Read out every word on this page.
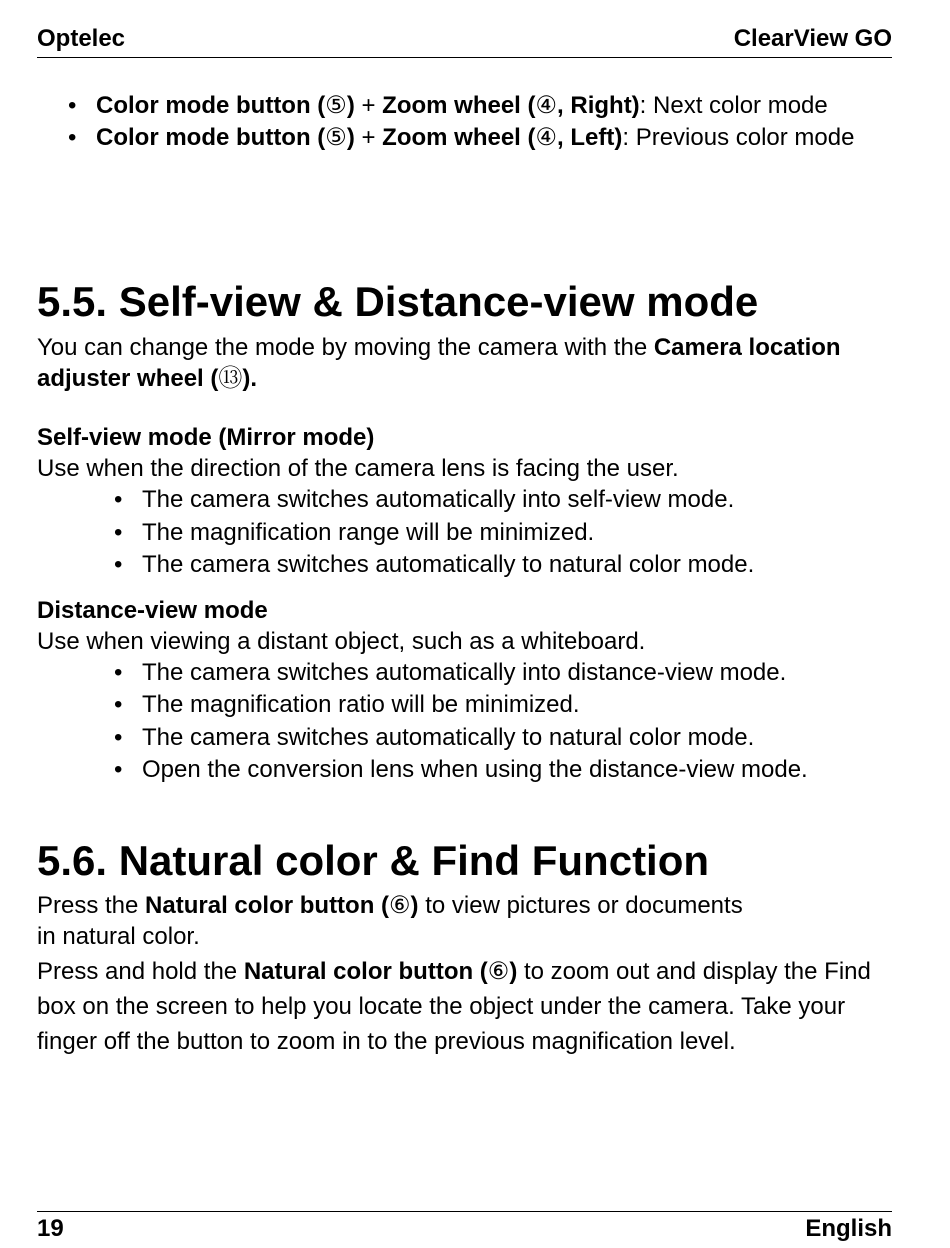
Optelec	ClearView GO
• Color mode button (⑤) + Zoom wheel (④, Right): Next color mode
• Color mode button (⑤) + Zoom wheel (④, Left): Previous color mode
5.5. Self-view & Distance-view mode

You can change the mode by moving the camera with the Camera location adjuster wheel (⑬).

Self-view mode (Mirror mode)

Use when the direction of the camera lens is facing the user.

• The camera switches automatically into self-view mode.
• The magnification range will be minimized.
• The camera switches automatically to natural color mode.

Distance-view mode

Use when viewing a distant object, such as a whiteboard.

• The camera switches automatically into distance-view mode.
• The magnification ratio will be minimized.
• The camera switches automatically to natural color mode.
• Open the conversion lens when using the distance-view mode.
5.6. Natural color & Find Function

Press the Natural color button (⑥) to view pictures or documents
in natural color.

Press and hold the Natural color button (⑥) to zoom out and display the Find box on the screen to help you locate the object under the camera. Take your finger off the button to zoom in to the previous magnification level.

19	English
